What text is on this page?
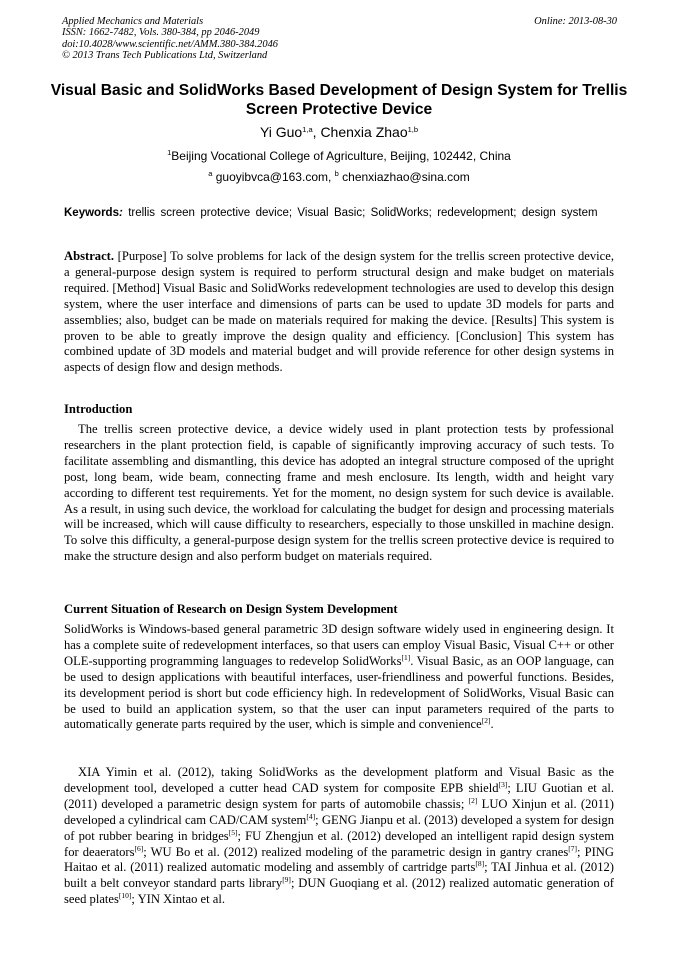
Applied Mechanics and Materials
ISSN: 1662-7482, Vols. 380-384, pp 2046-2049
doi:10.4028/www.scientific.net/AMM.380-384.2046
© 2013 Trans Tech Publications Ltd, Switzerland
Online: 2013-08-30
Visual Basic and SolidWorks Based Development of Design System for Trellis Screen Protective Device
Yi Guo$^{1,a}$, Chenxia Zhao$^{1,b}$
$^1$Beijing Vocational College of Agriculture, Beijing, 102442, China
$^a$ guoyibvca@163.com, $^b$ chenxiazhao@sina.com
Keywords: trellis screen protective device; Visual Basic; SolidWorks; redevelopment; design system
Abstract. [Purpose] To solve problems for lack of the design system for the trellis screen protective device, a general-purpose design system is required to perform structural design and make budget on materials required. [Method] Visual Basic and SolidWorks redevelopment technologies are used to develop this design system, where the user interface and dimensions of parts can be used to update 3D models for parts and assemblies; also, budget can be made on materials required for making the device. [Results] This system is proven to be able to greatly improve the design quality and efficiency. [Conclusion] This system has combined update of 3D models and material budget and will provide reference for other design systems in aspects of design flow and design methods.
Introduction
The trellis screen protective device, a device widely used in plant protection tests by professional researchers in the plant protection field, is capable of significantly improving accuracy of such tests. To facilitate assembling and dismantling, this device has adopted an integral structure composed of the upright post, long beam, wide beam, connecting frame and mesh enclosure. Its length, width and height vary according to different test requirements. Yet for the moment, no design system for such device is available. As a result, in using such device, the workload for calculating the budget for design and processing materials will be increased, which will cause difficulty to researchers, especially to those unskilled in machine design. To solve this difficulty, a general-purpose design system for the trellis screen protective device is required to make the structure design and also perform budget on materials required.
Current Situation of Research on Design System Development
SolidWorks is Windows-based general parametric 3D design software widely used in engineering design. It has a complete suite of redevelopment interfaces, so that users can employ Visual Basic, Visual C++ or other OLE-supporting programming languages to redevelop SolidWorks[1]. Visual Basic, as an OOP language, can be used to design applications with beautiful interfaces, user-friendliness and powerful functions. Besides, its development period is short but code efficiency high. In redevelopment of SolidWorks, Visual Basic can be used to build an application system, so that the user can input parameters required of the parts to automatically generate parts required by the user, which is simple and convenience[2].
XIA Yimin et al. (2012), taking SolidWorks as the development platform and Visual Basic as the development tool, developed a cutter head CAD system for composite EPB shield[3]; LIU Guotian et al. (2011) developed a parametric design system for parts of automobile chassis; [2] LUO Xinjun et al. (2011) developed a cylindrical cam CAD/CAM system[4]; GENG Jianpu et al. (2013) developed a system for design of pot rubber bearing in bridges[5]; FU Zhengjun et al. (2012) developed an intelligent rapid design system for deaerators[6]; WU Bo et al. (2012) realized modeling of the parametric design in gantry cranes[7]; PING Haitao et al. (2011) realized automatic modeling and assembly of cartridge parts[8]; TAI Jinhua et al. (2012) built a belt conveyor standard parts library[9]; DUN Guoqiang et al. (2012) realized automatic generation of seed plates[10]; YIN Xintao et al.
